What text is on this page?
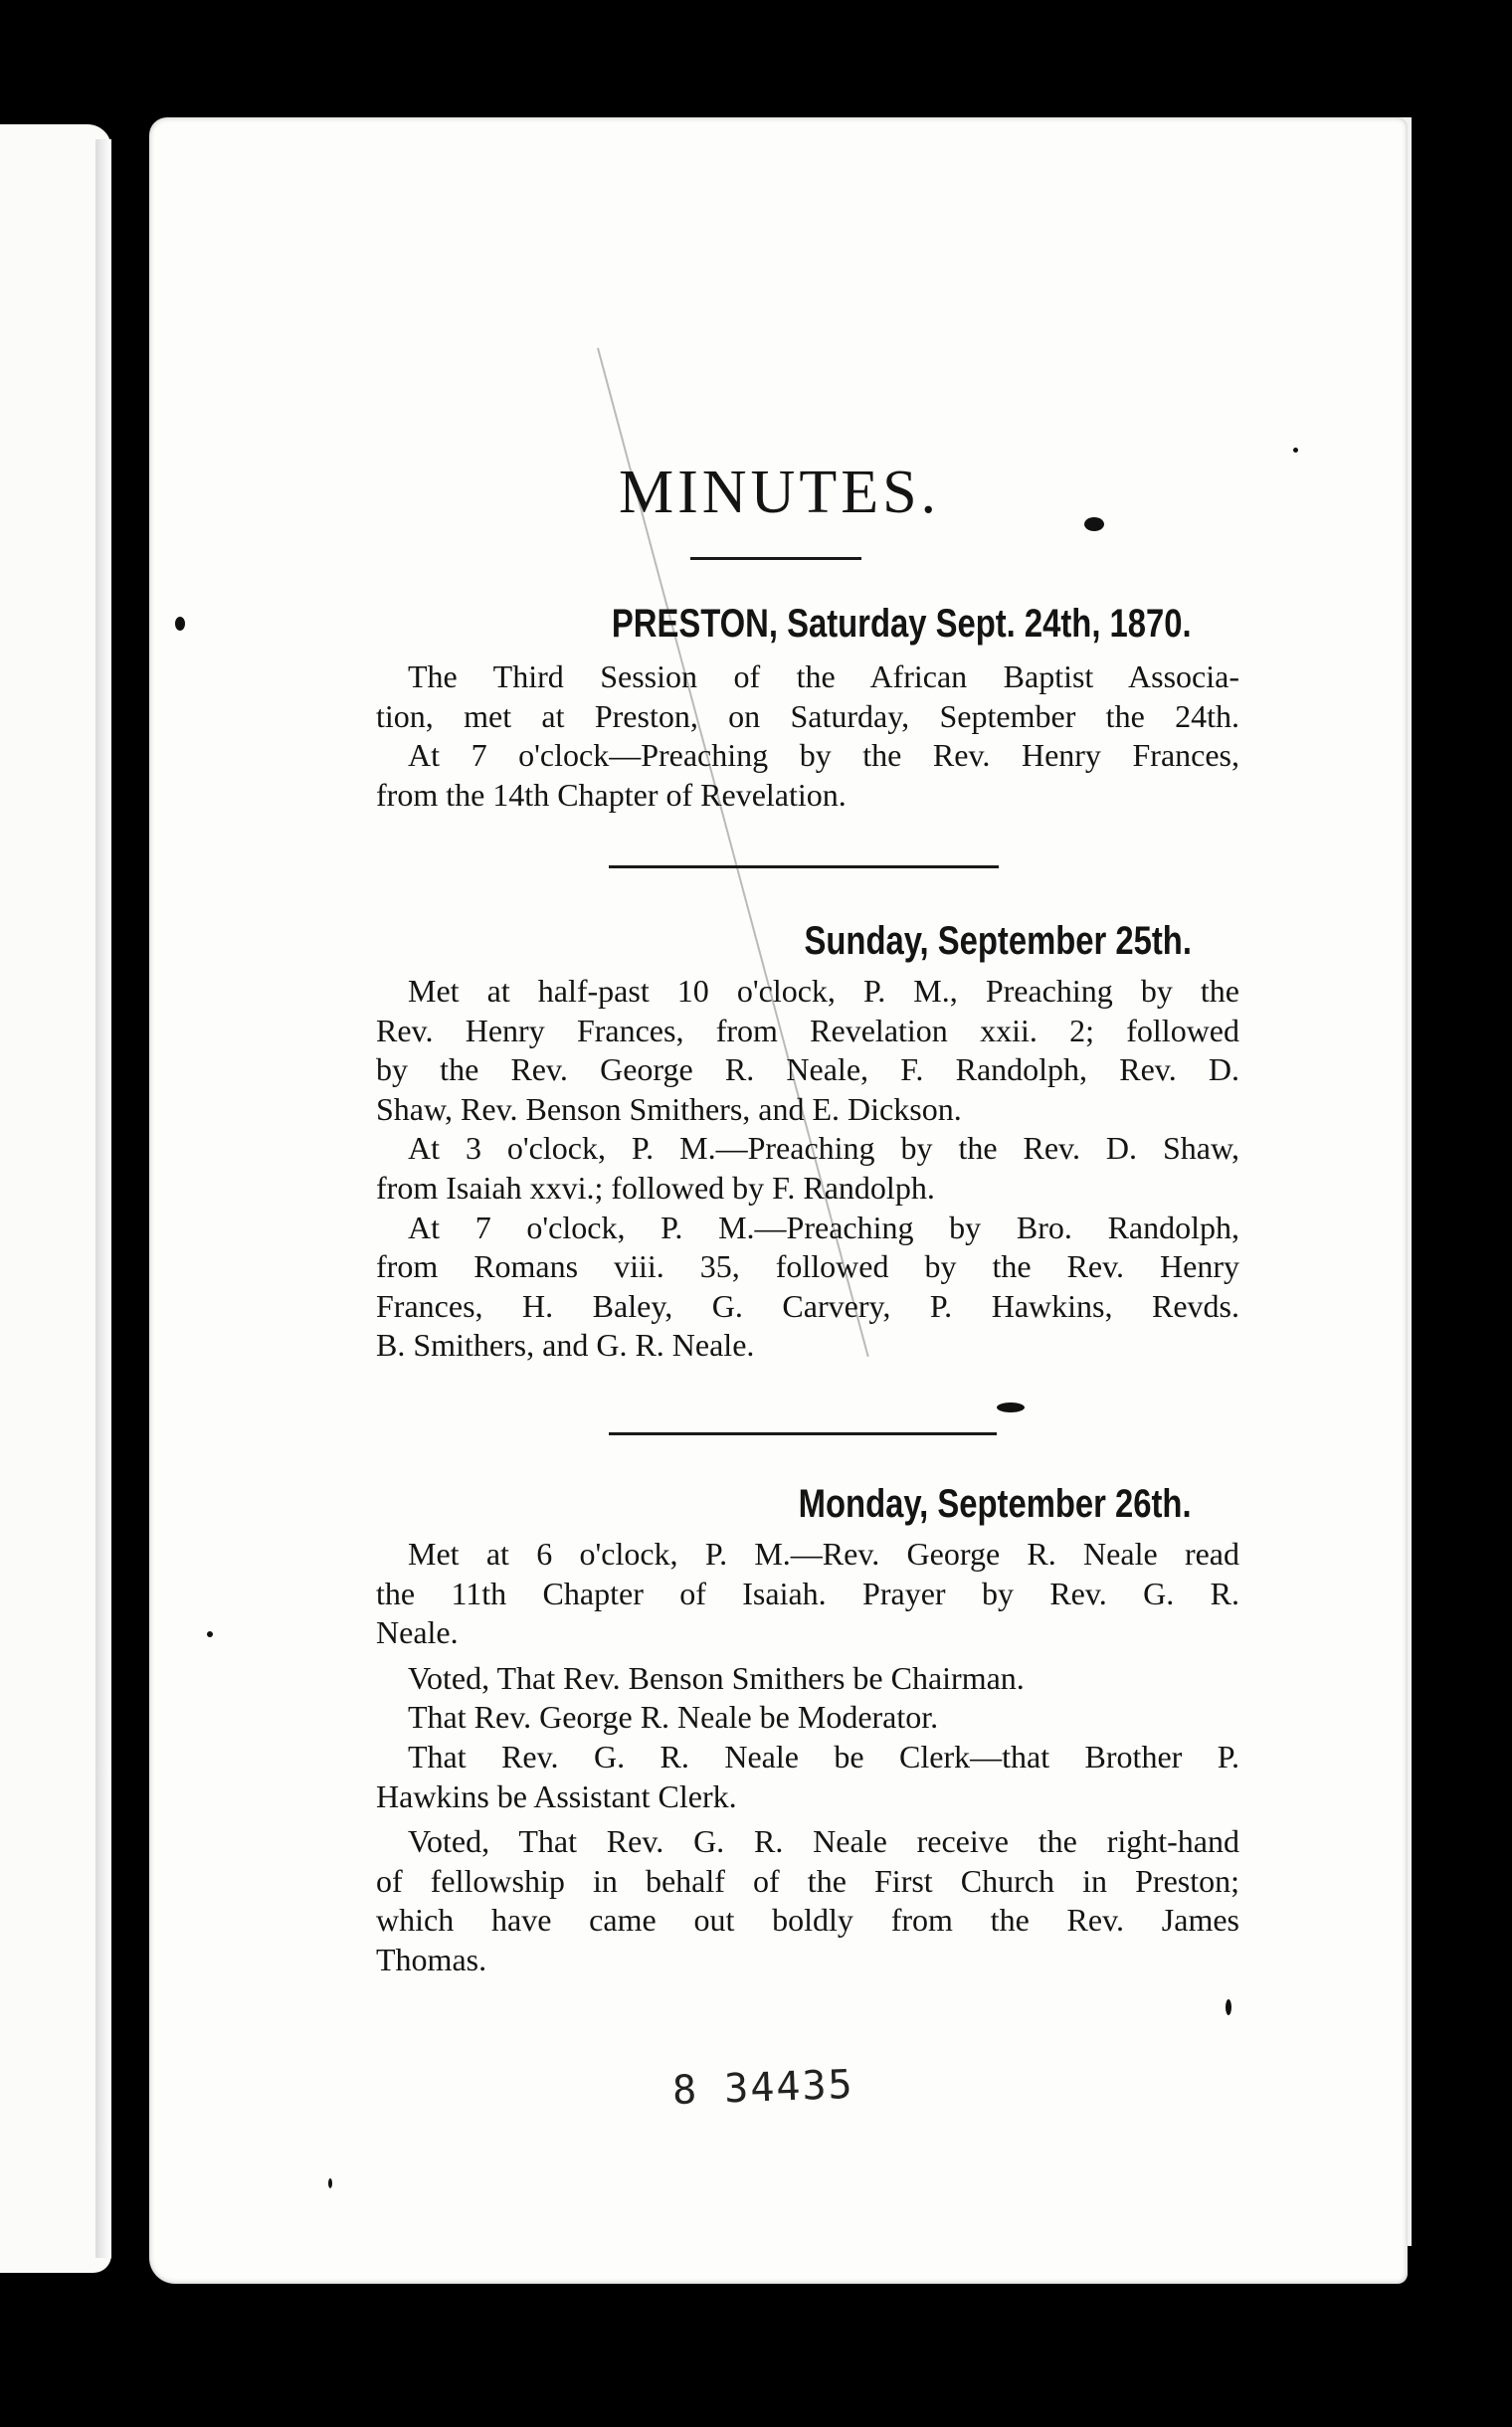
MINUTES.
PRESTON, Saturday Sept. 24th, 1870.
The Third Session of the African Baptist Associa-
tion, met at Preston, on Saturday, September the 24th.
At 7 o'clock—Preaching by the Rev. Henry Frances,
from the 14th Chapter of Revelation.
Sunday, September 25th.
Met at half-past 10 o'clock, P. M., Preaching by the
Rev. Henry Frances, from Revelation xxii. 2; followed
by the Rev. George R. Neale, F. Randolph, Rev. D.
Shaw, Rev. Benson Smithers, and E. Dickson.
At 3 o'clock, P. M.—Preaching by the Rev. D. Shaw,
from Isaiah xxvi.; followed by F. Randolph.
At 7 o'clock, P. M.—Preaching by Bro. Randolph,
from Romans viii. 35, followed by the Rev. Henry
Frances, H. Baley, G. Carvery, P. Hawkins, Revds.
B. Smithers, and G. R. Neale.
Monday, September 26th.
Met at 6 o'clock, P. M.—Rev. George R. Neale read
the 11th Chapter of Isaiah. Prayer by Rev. G. R.
Neale.
Voted, That Rev. Benson Smithers be Chairman.
That Rev. George R. Neale be Moderator.
That Rev. G. R. Neale be Clerk—that Brother P.
Hawkins be Assistant Clerk.
Voted, That Rev. G. R. Neale receive the right-hand
of fellowship in behalf of the First Church in Preston;
which have came out boldly from the Rev. James
Thomas.
8 34435
